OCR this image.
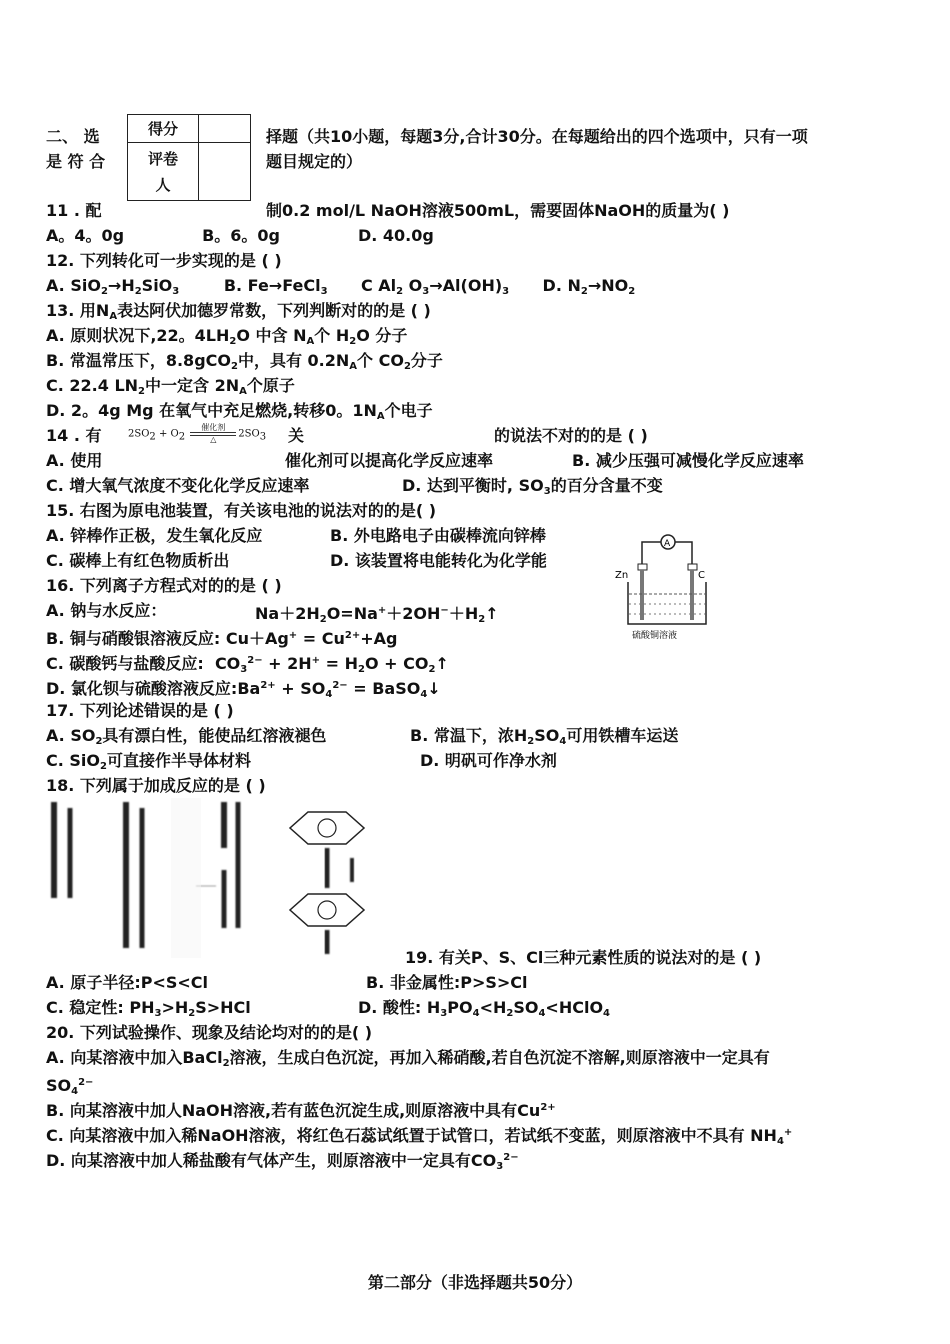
二、 选	择题（共10小题，每题3分,合计30分。在每题给出的四个选项中，只有一项
是 符 合	题目规定的）
得分	
评卷
人	
11 . 配	制0.2 mol/L NaOH溶液500mL，需要固体NaOH的质量为( )
A。4。0g              B。6。0g              D. 40.0g
12. 下列转化可一步实现的是 ( )
A. $SiO_2\to H_2SiO_3$        B. Fe→FeCl$_3$      C $Al_2$ $O_3\to Al(OH)_3$      D. $N_2\to NO_2$
13. 用$N_A$表达阿伏加德罗常数，下列判断对的的是 ( )
A. 原则状况下,22。$4LH_2O$ 中含 $N_A$个 $H_2O$ 分子
B. 常温常压下，8.8gCO$_2$中，具有 $0.2N_A$个 $CO_2$分子
C. 22.4 $LN_2$中一定含 $2N_A$个原子
D. 2。4g Mg 在氧气中充足燃烧,转移0。$1N_A$个电子
14 . 有	$2SO_2 + O_2$
催化剂
△	$2SO_3$ 关	的说法不对的的是 ( )
A. 使用	催化剂可以提高化学反应速率	B. 减少压强可减慢化学反应速率
C. 增大氧气浓度不变化化学反应速率	D. 达到平衡时, $SO_3$的百分含量不变
15. 右图为原电池装置，有关该电池的说法对的的是( )
A. 锌棒作正极，发生氧化反应	B. 外电路电子由碳棒流向锌棒
C. 碳棒上有红色物质析出	D. 该装置将电能转化为化学能
A
Zn	C
硫酸铜溶液
16. 下列离子方程式对的的是 ( )
A. 钠与水反应：	$Na+2H_2O=Na^++2OH^-+H_2↑$
B. 铜与硝酸银溶液反应: $Cu+Ag^+ = Cu^{2+}+Ag$
C. 碳酸钙与盐酸反应:  $CO_3^{2-} + 2H^+ = H_2O$ + $CO_2↑$
D. 氯化钡与硫酸溶液反应$:Ba^{2+} + SO_4^{2-}$ = BaSO$_4$↓
17. 下列论述错误的是 ( )
A. $SO_2$具有漂白性，能使品红溶液褪色	B. 常温下，浓$H_2SO_4$可用铁槽车运送
C. SiO$_2$可直接作半导体材料	D. 明矾可作净水剂
18. 下列属于加成反应的是 ( )
19. 有关P、S、Cl三种元素性质的说法对的是 ( )
A. 原子半径:P<S<Cl	B. 非金属性:P>S>Cl
C. 稳定性: $PH_3>H_2S>HCl$	D. 酸性: $H_3PO_4<H_2SO_4<HClO_4$
20. 下列试验操作、现象及结论均对的的是( )
A. 向某溶液中加入BaCl$_2$溶液，生成白色沉淀，再加入稀硝酸,若自色沉淀不溶解,则原溶液中一定具有
$SO_4^{2-}$
B. 向某溶液中加人NaOH溶液,若有蓝色沉淀生成,则原溶液中具有$Cu^{2+}$
C. 向某溶液中加入稀NaOH溶液，将红色石蕊试纸置于试管口，若试纸不变蓝，则原溶液中不具有 $NH_4^+$
D. 向某溶液中加人稀盐酸有气体产生，则原溶液中一定具有$CO_3^{2-}$
第二部分（非选择题共50分）
